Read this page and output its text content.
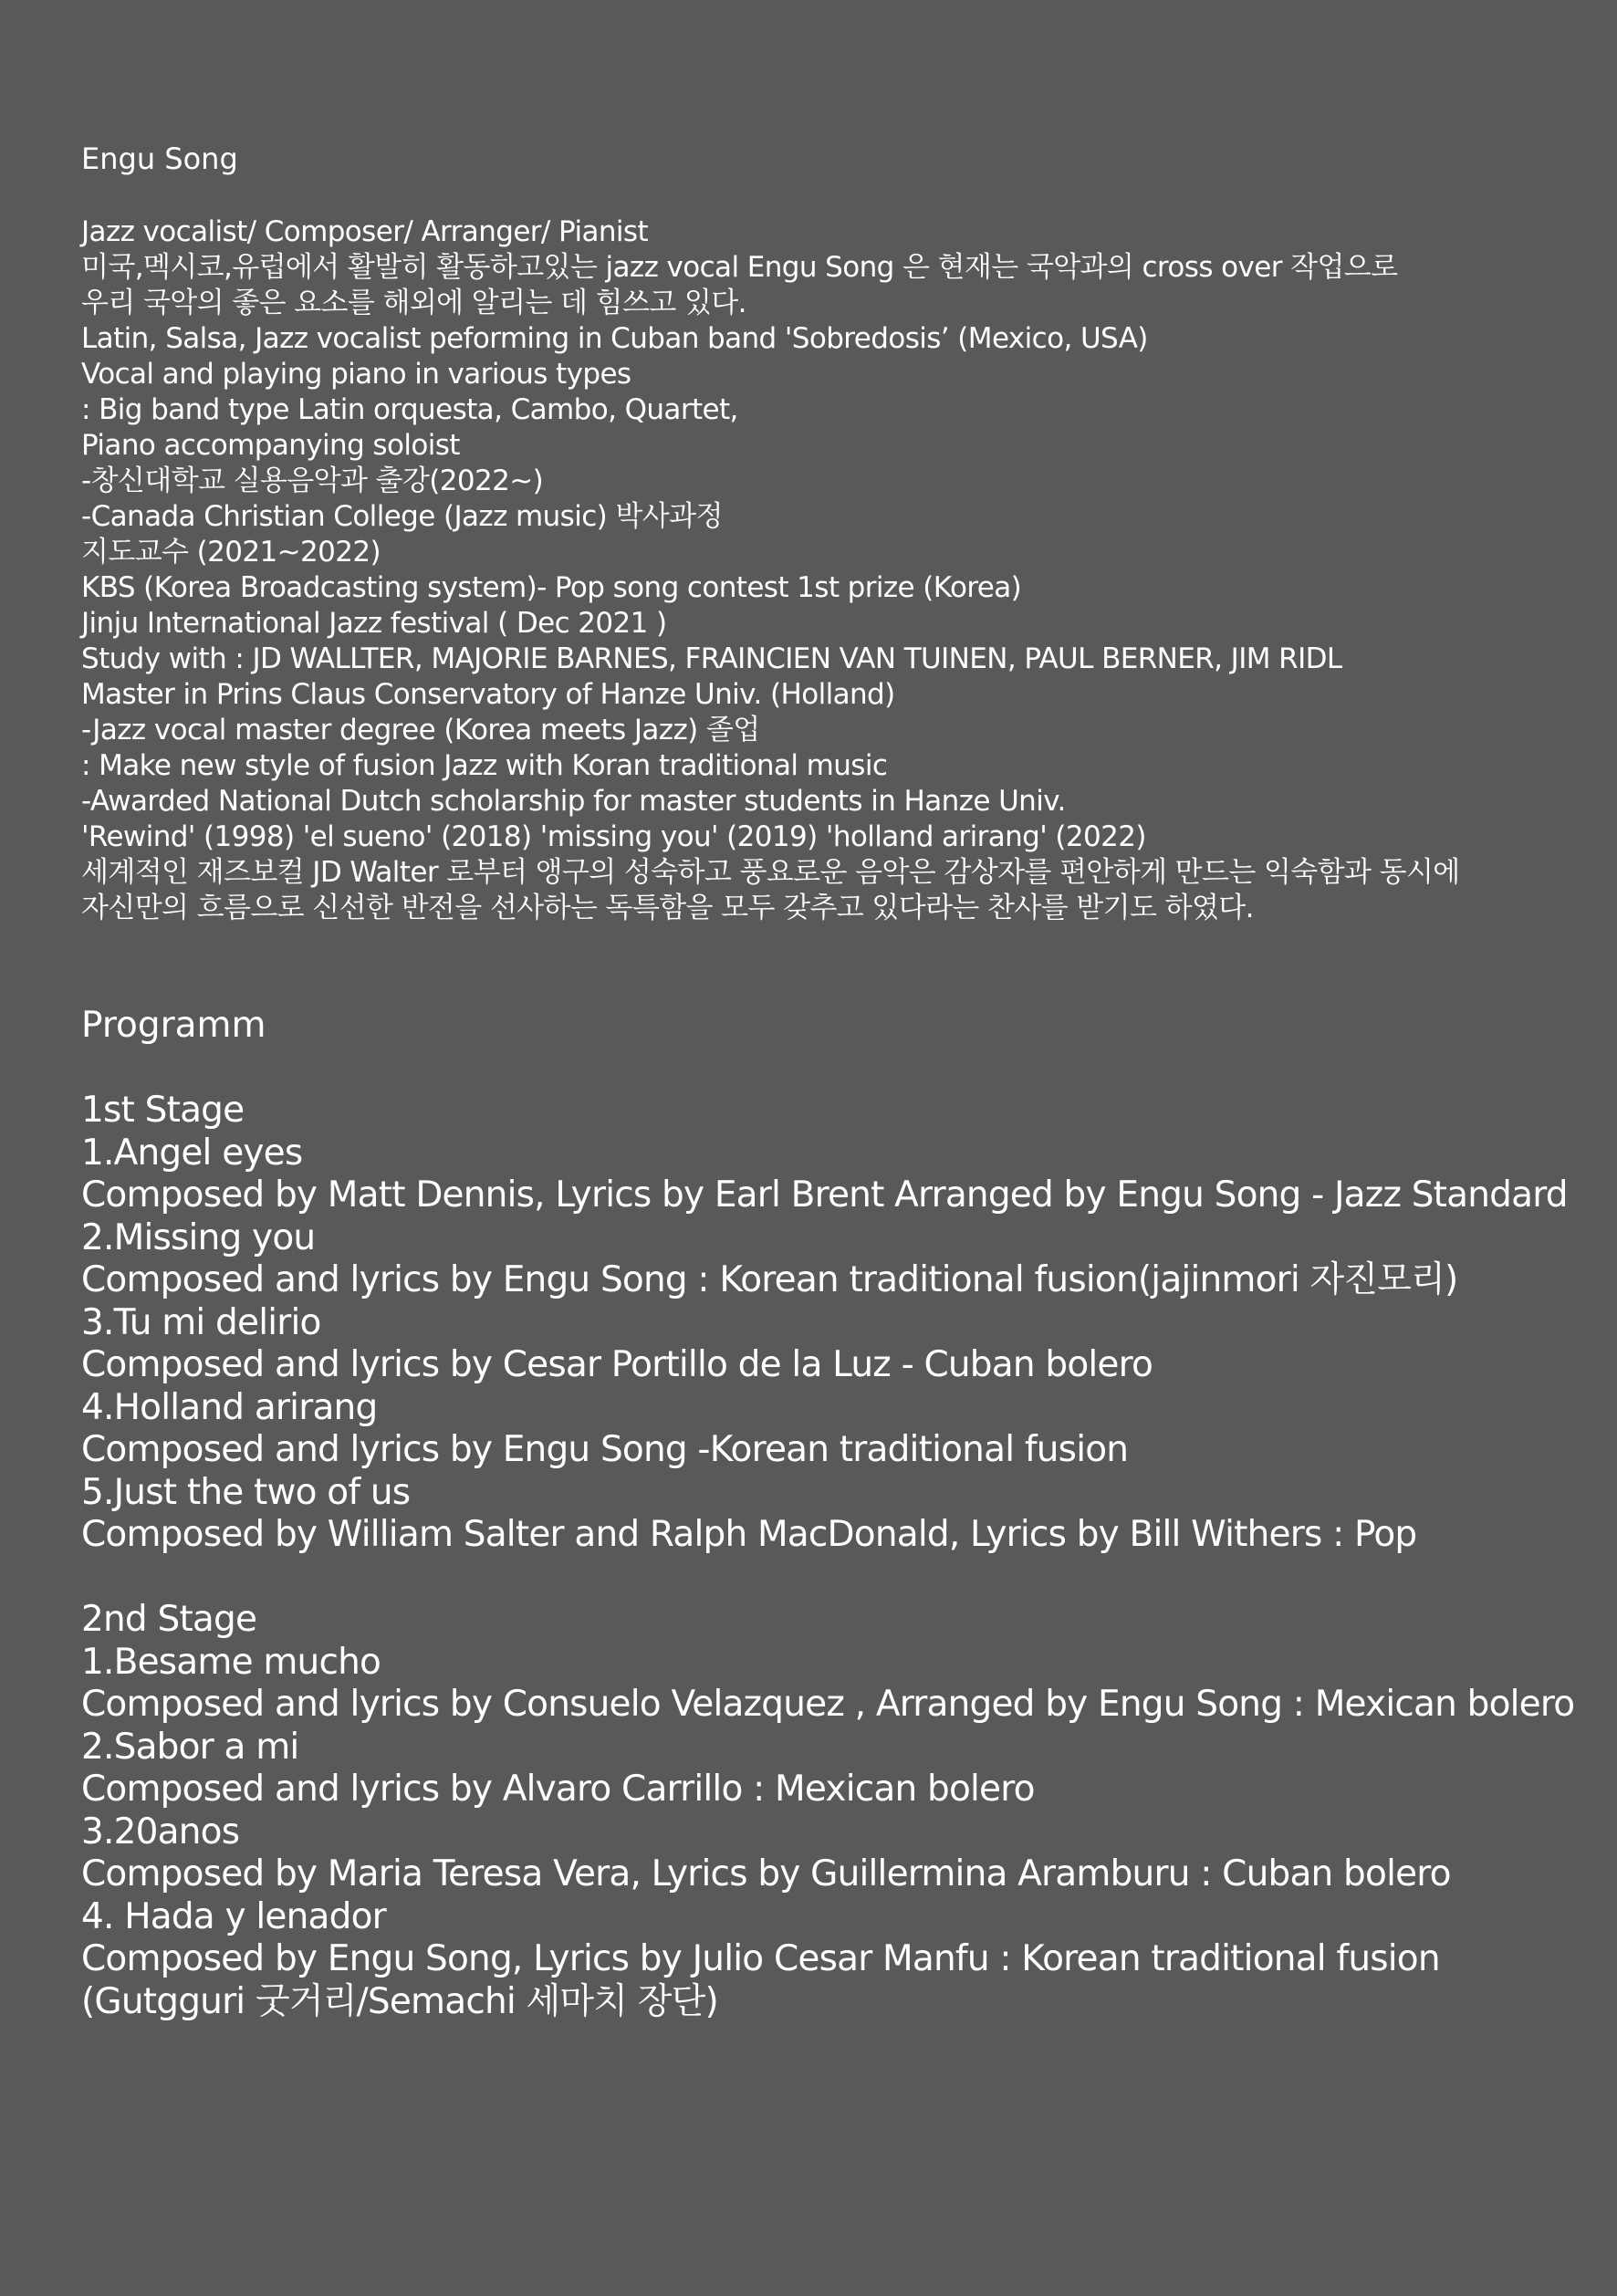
Engu Song
Jazz vocalist/ Composer/ Arranger/ Pianist
미국,멕시코,유럽에서 활발히 활동하고있는 jazz vocal Engu Song 은 현재는 국악과의 cross over 작업으로
우리 국악의 좋은 요소를 해외에 알리는 데 힘쓰고 있다.
Latin, Salsa, Jazz vocalist peforming in Cuban band 'Sobredosis’ (Mexico, USA)
Vocal and playing piano in various types
: Big band type Latin orquesta, Cambo, Quartet,
Piano accompanying soloist
-창신대학교 실용음악과 출강(2022~)
-Canada Christian College (Jazz music) 박사과정
지도교수 (2021~2022)
KBS (Korea Broadcasting system)- Pop song contest 1st prize (Korea)
Jinju International Jazz festival ( Dec 2021 )
Study with : JD WALLTER, MAJORIE BARNES, FRAINCIEN VAN TUINEN, PAUL BERNER, JIM RIDL
Master in Prins Claus Conservatory of Hanze Univ. (Holland)
-Jazz vocal master degree (Korea meets Jazz) 졸업
: Make new style of fusion Jazz with Koran traditional music
-Awarded National Dutch scholarship for master students in Hanze Univ.
'Rewind' (1998) 'el sueno' (2018) 'missing you' (2019) 'holland arirang' (2022)
세계적인 재즈보컬 JD Walter 로부터 앵구의 성숙하고 풍요로운 음악은 감상자를 편안하게 만드는 익숙함과 동시에
자신만의 흐름으로 신선한 반전을 선사하는 독특함을 모두 갖추고 있다라는 찬사를 받기도 하였다.
Programm
1st Stage
1.Angel eyes
Composed by Matt Dennis, Lyrics by Earl Brent Arranged by Engu Song - Jazz Standard
2.Missing you
Composed and lyrics by Engu Song : Korean traditional fusion(jajinmori 자진모리)
3.Tu mi delirio
Composed and lyrics by Cesar Portillo de la Luz - Cuban bolero
4.Holland arirang
Composed and lyrics by Engu Song -Korean traditional fusion
5.Just the two of us
Composed by William Salter and Ralph MacDonald, Lyrics by Bill Withers : Pop
2nd Stage
1.Besame mucho
Composed and lyrics by Consuelo Velazquez , Arranged by Engu Song : Mexican bolero
2.Sabor a mi
Composed and lyrics by Alvaro Carrillo : Mexican bolero
3.20anos
Composed by Maria Teresa Vera, Lyrics by Guillermina Aramburu : Cuban bolero
4. Hada y lenador
Composed by Engu Song, Lyrics by Julio Cesar Manfu : Korean traditional fusion
(Gutgguri 굿거리/Semachi 세마치 장단)
